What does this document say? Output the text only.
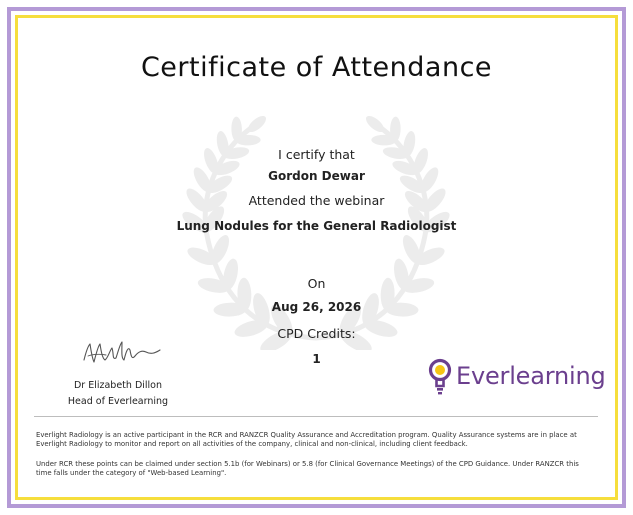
Certificate of Attendance
I certify that
Gordon Dewar
Attended the webinar
Lung Nodules for the General Radiologist
On
Aug 26, 2026
CPD Credits:
1
Dr Elizabeth Dillon
Head of Everlearning
Everlearning
Everlight Radiology is an active participant in the RCR and RANZCR Quality Assurance and Accreditation program. Quality Assurance systems are in place at Everlight Radiology to monitor and report on all activities of the company, clinical and non-clinical, including client feedback.
Under RCR these points can be claimed under section 5.1b (for Webinars) or 5.8 (for Clinical Governance Meetings) of the CPD Guidance. Under RANZCR this time falls under the category of "Web-based Learning".
